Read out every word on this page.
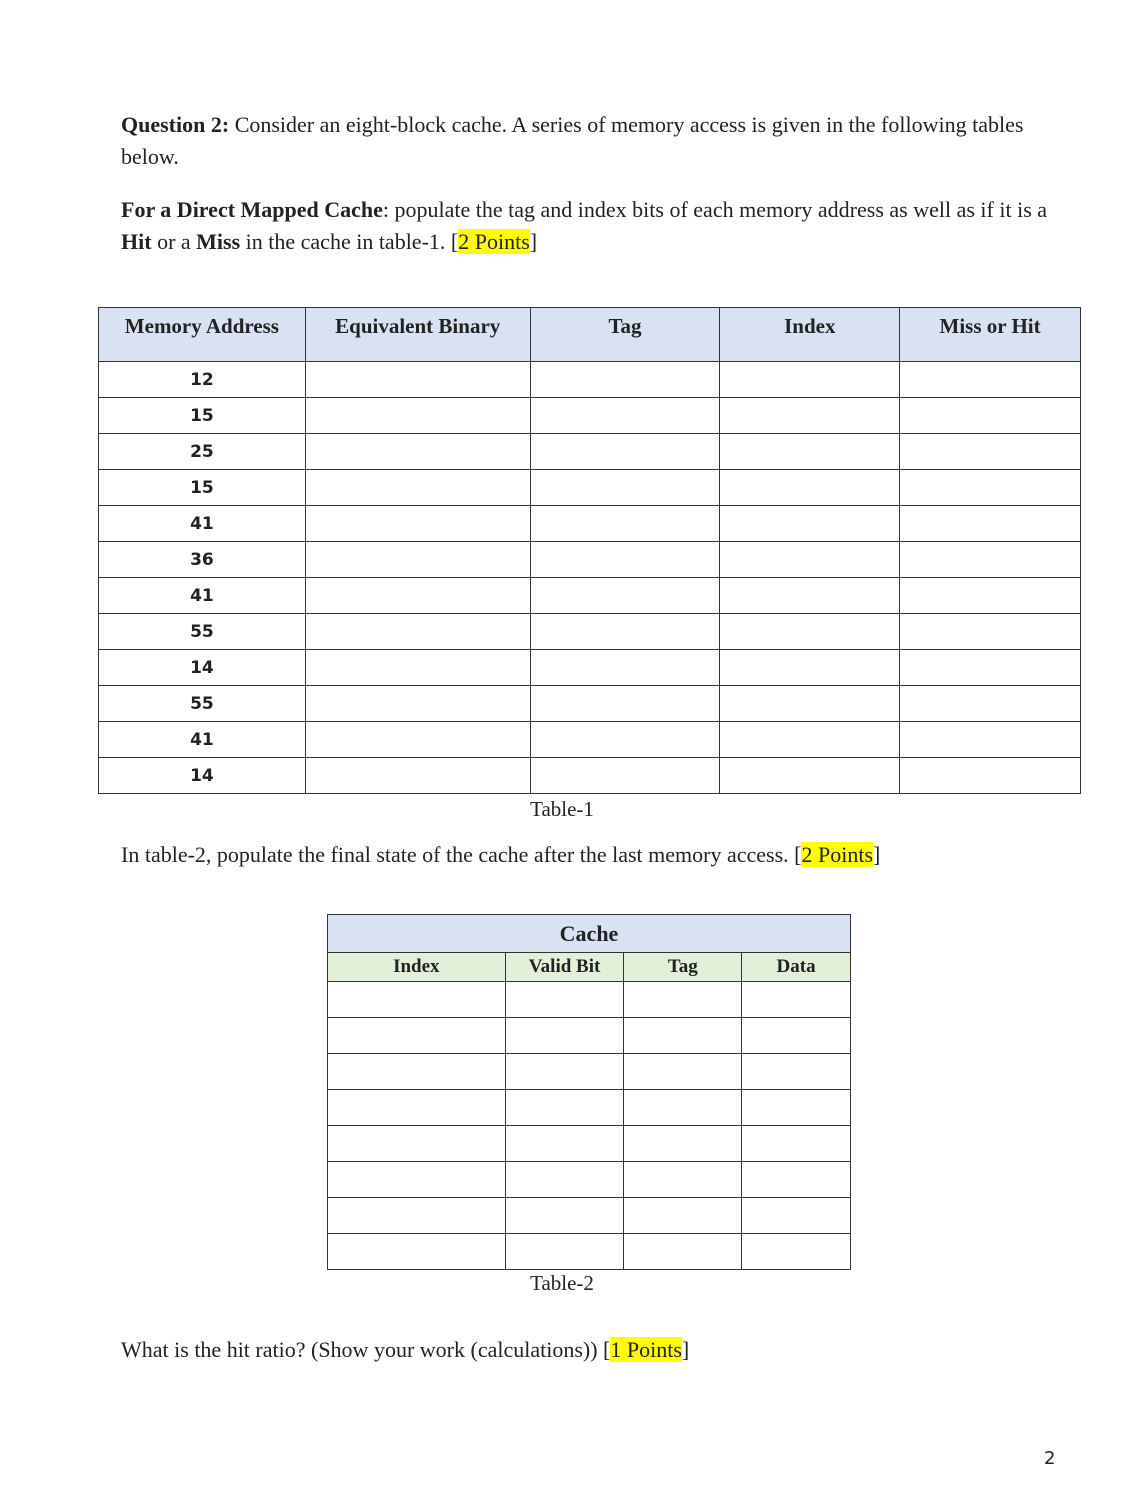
Question 2: Consider an eight-block cache. A series of memory access is given in the following tables below.
For a Direct Mapped Cache: populate the tag and index bits of each memory address as well as if it is a Hit or a Miss in the cache in table-1. [2 Points]
Memory Address	Equivalent Binary	Tag	Index	Miss or Hit
12				
15				
25				
15				
41				
36				
41				
55				
14				
55				
41				
14				
Table-1
In table-2, populate the final state of the cache after the last memory access. [2 Points]
Cache			
Index	Valid Bit	Tag	Data

Table-2
What is the hit ratio? (Show your work (calculations)) [1 Points]
2
